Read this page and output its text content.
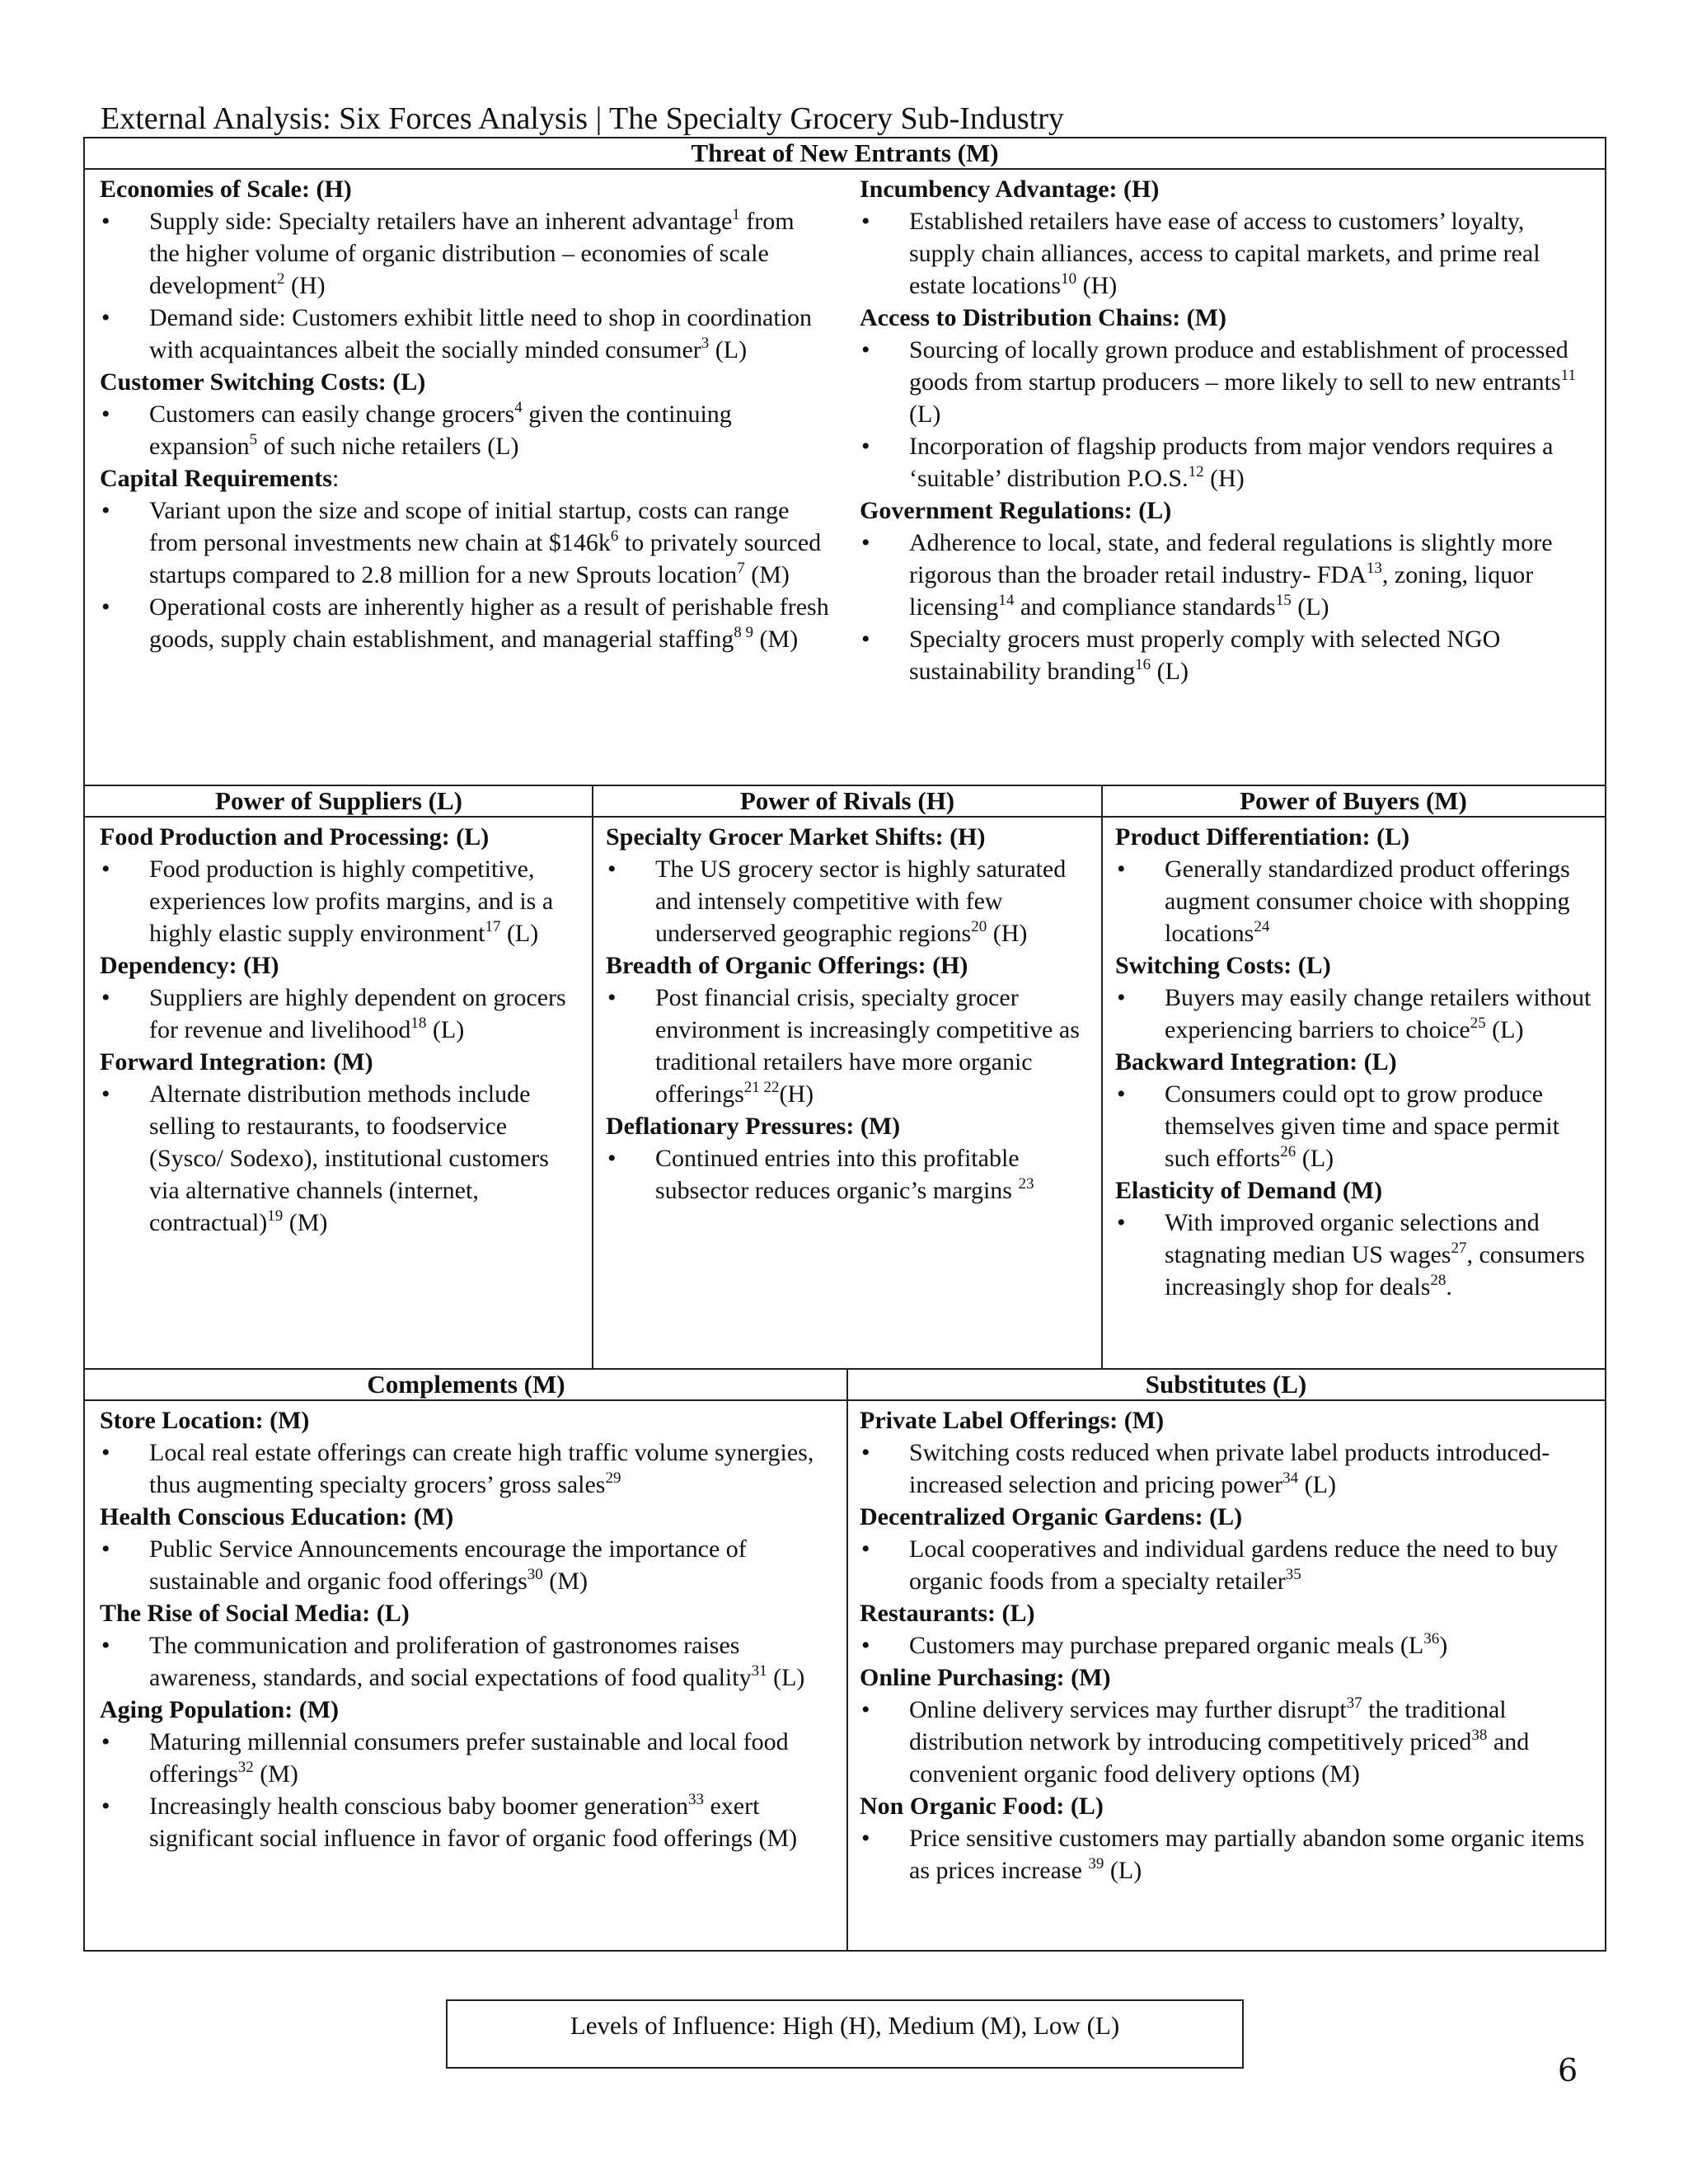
External Analysis: Six Forces Analysis | The Specialty Grocery Sub-Industry
Threat of New Entrants (M)
Economies of Scale: (H)
• Supply side: Specialty retailers have an inherent advantage$^1$ from the higher volume of organic distribution – economies of scale development$^2$ (H)
• Demand side: Customers exhibit little need to shop in coordination with acquaintances albeit the socially minded consumer$^3$ (L)
Customer Switching Costs: (L)
• Customers can easily change grocers$^4$ given the continuing expansion$^5$ of such niche retailers (L)
Capital Requirements:
• Variant upon the size and scope of initial startup, costs can range from personal investments new chain at $\$146k^6$ to privately sourced startups compared to 2.8 million for a new Sprouts location$^7$ (M)
• Operational costs are inherently higher as a result of perishable fresh goods, supply chain establishment, and managerial staffing$^{8 9}$ (M)
Incumbency Advantage: (H)
• Established retailers have ease of access to customers’ loyalty, supply chain alliances, access to capital markets, and prime real estate locations$^{10}$ (H)
Access to Distribution Chains: (M)
• Sourcing of locally grown produce and establishment of processed goods from startup producers – more likely to sell to new entrants$^{11}$ (L)
• Incorporation of flagship products from major vendors requires a ‘suitable’ distribution P.O.S.$^{12}$ (H)
Government Regulations: (L)
• Adherence to local, state, and federal regulations is slightly more rigorous than the broader retail industry- FDA$^{13}$, zoning, liquor licensing$^{14}$ and compliance standards$^{15}$ (L)
• Specialty grocers must properly comply with selected NGO sustainability branding$^{16}$ (L)
Power of Suppliers (L)	Power of Rivals (H)	Power of Buyers (M)
Food Production and Processing: (L)
• Food production is highly competitive, experiences low profits margins, and is a highly elastic supply environment$^{17}$ (L)
Dependency: (H)
• Suppliers are highly dependent on grocers for revenue and livelihood$^{18}$ (L)
Forward Integration: (M)
• Alternate distribution methods include selling to restaurants, to foodservice (Sysco/ Sodexo), institutional customers via alternative channels (internet, contractual)$^{19}$ (M)
Specialty Grocer Market Shifts: (H)
• The US grocery sector is highly saturated and intensely competitive with few underserved geographic regions$^{20}$ (H)
Breadth of Organic Offerings: (H)
• Post financial crisis, specialty grocer environment is increasingly competitive as traditional retailers have more organic offerings$^{21 22}$(H)
Deflationary Pressures: (M)
• Continued entries into this profitable subsector reduces organic’s margins $^{23}$
Product Differentiation: (L)
• Generally standardized product offerings augment consumer choice with shopping locations$^{24}$
Switching Costs: (L)
• Buyers may easily change retailers without experiencing barriers to choice$^{25}$ (L)
Backward Integration: (L)
• Consumers could opt to grow produce themselves given time and space permit such efforts$^{26}$ (L)
Elasticity of Demand (M)
• With improved organic selections and stagnating median US wages$^{27}$, consumers increasingly shop for deals$^{28}$.
Complements (M)	Substitutes (L)
Store Location: (M)
• Local real estate offerings can create high traffic volume synergies, thus augmenting specialty grocers’ gross sales$^{29}$
Health Conscious Education: (M)
• Public Service Announcements encourage the importance of sustainable and organic food offerings$^{30}$ (M)
The Rise of Social Media: (L)
• The communication and proliferation of gastronomes raises awareness, standards, and social expectations of food quality$^{31}$ (L)
Aging Population: (M)
• Maturing millennial consumers prefer sustainable and local food offerings$^{32}$ (M)
• Increasingly health conscious baby boomer generation$^{33}$ exert significant social influence in favor of organic food offerings (M)
Private Label Offerings: (M)
• Switching costs reduced when private label products introduced- increased selection and pricing power$^{34}$ (L)
Decentralized Organic Gardens: (L)
• Local cooperatives and individual gardens reduce the need to buy organic foods from a specialty retailer$^{35}$
Restaurants: (L)
• Customers may purchase prepared organic meals $(L^{36})$
Online Purchasing: (M)
• Online delivery services may further disrupt$^{37}$ the traditional distribution network by introducing competitively priced$^{38}$ and convenient organic food delivery options (M)
Non Organic Food: (L)
• Price sensitive customers may partially abandon some organic items as prices increase $^{39}$ (L)
Levels of Influence: High (H), Medium (M), Low (L)
6
